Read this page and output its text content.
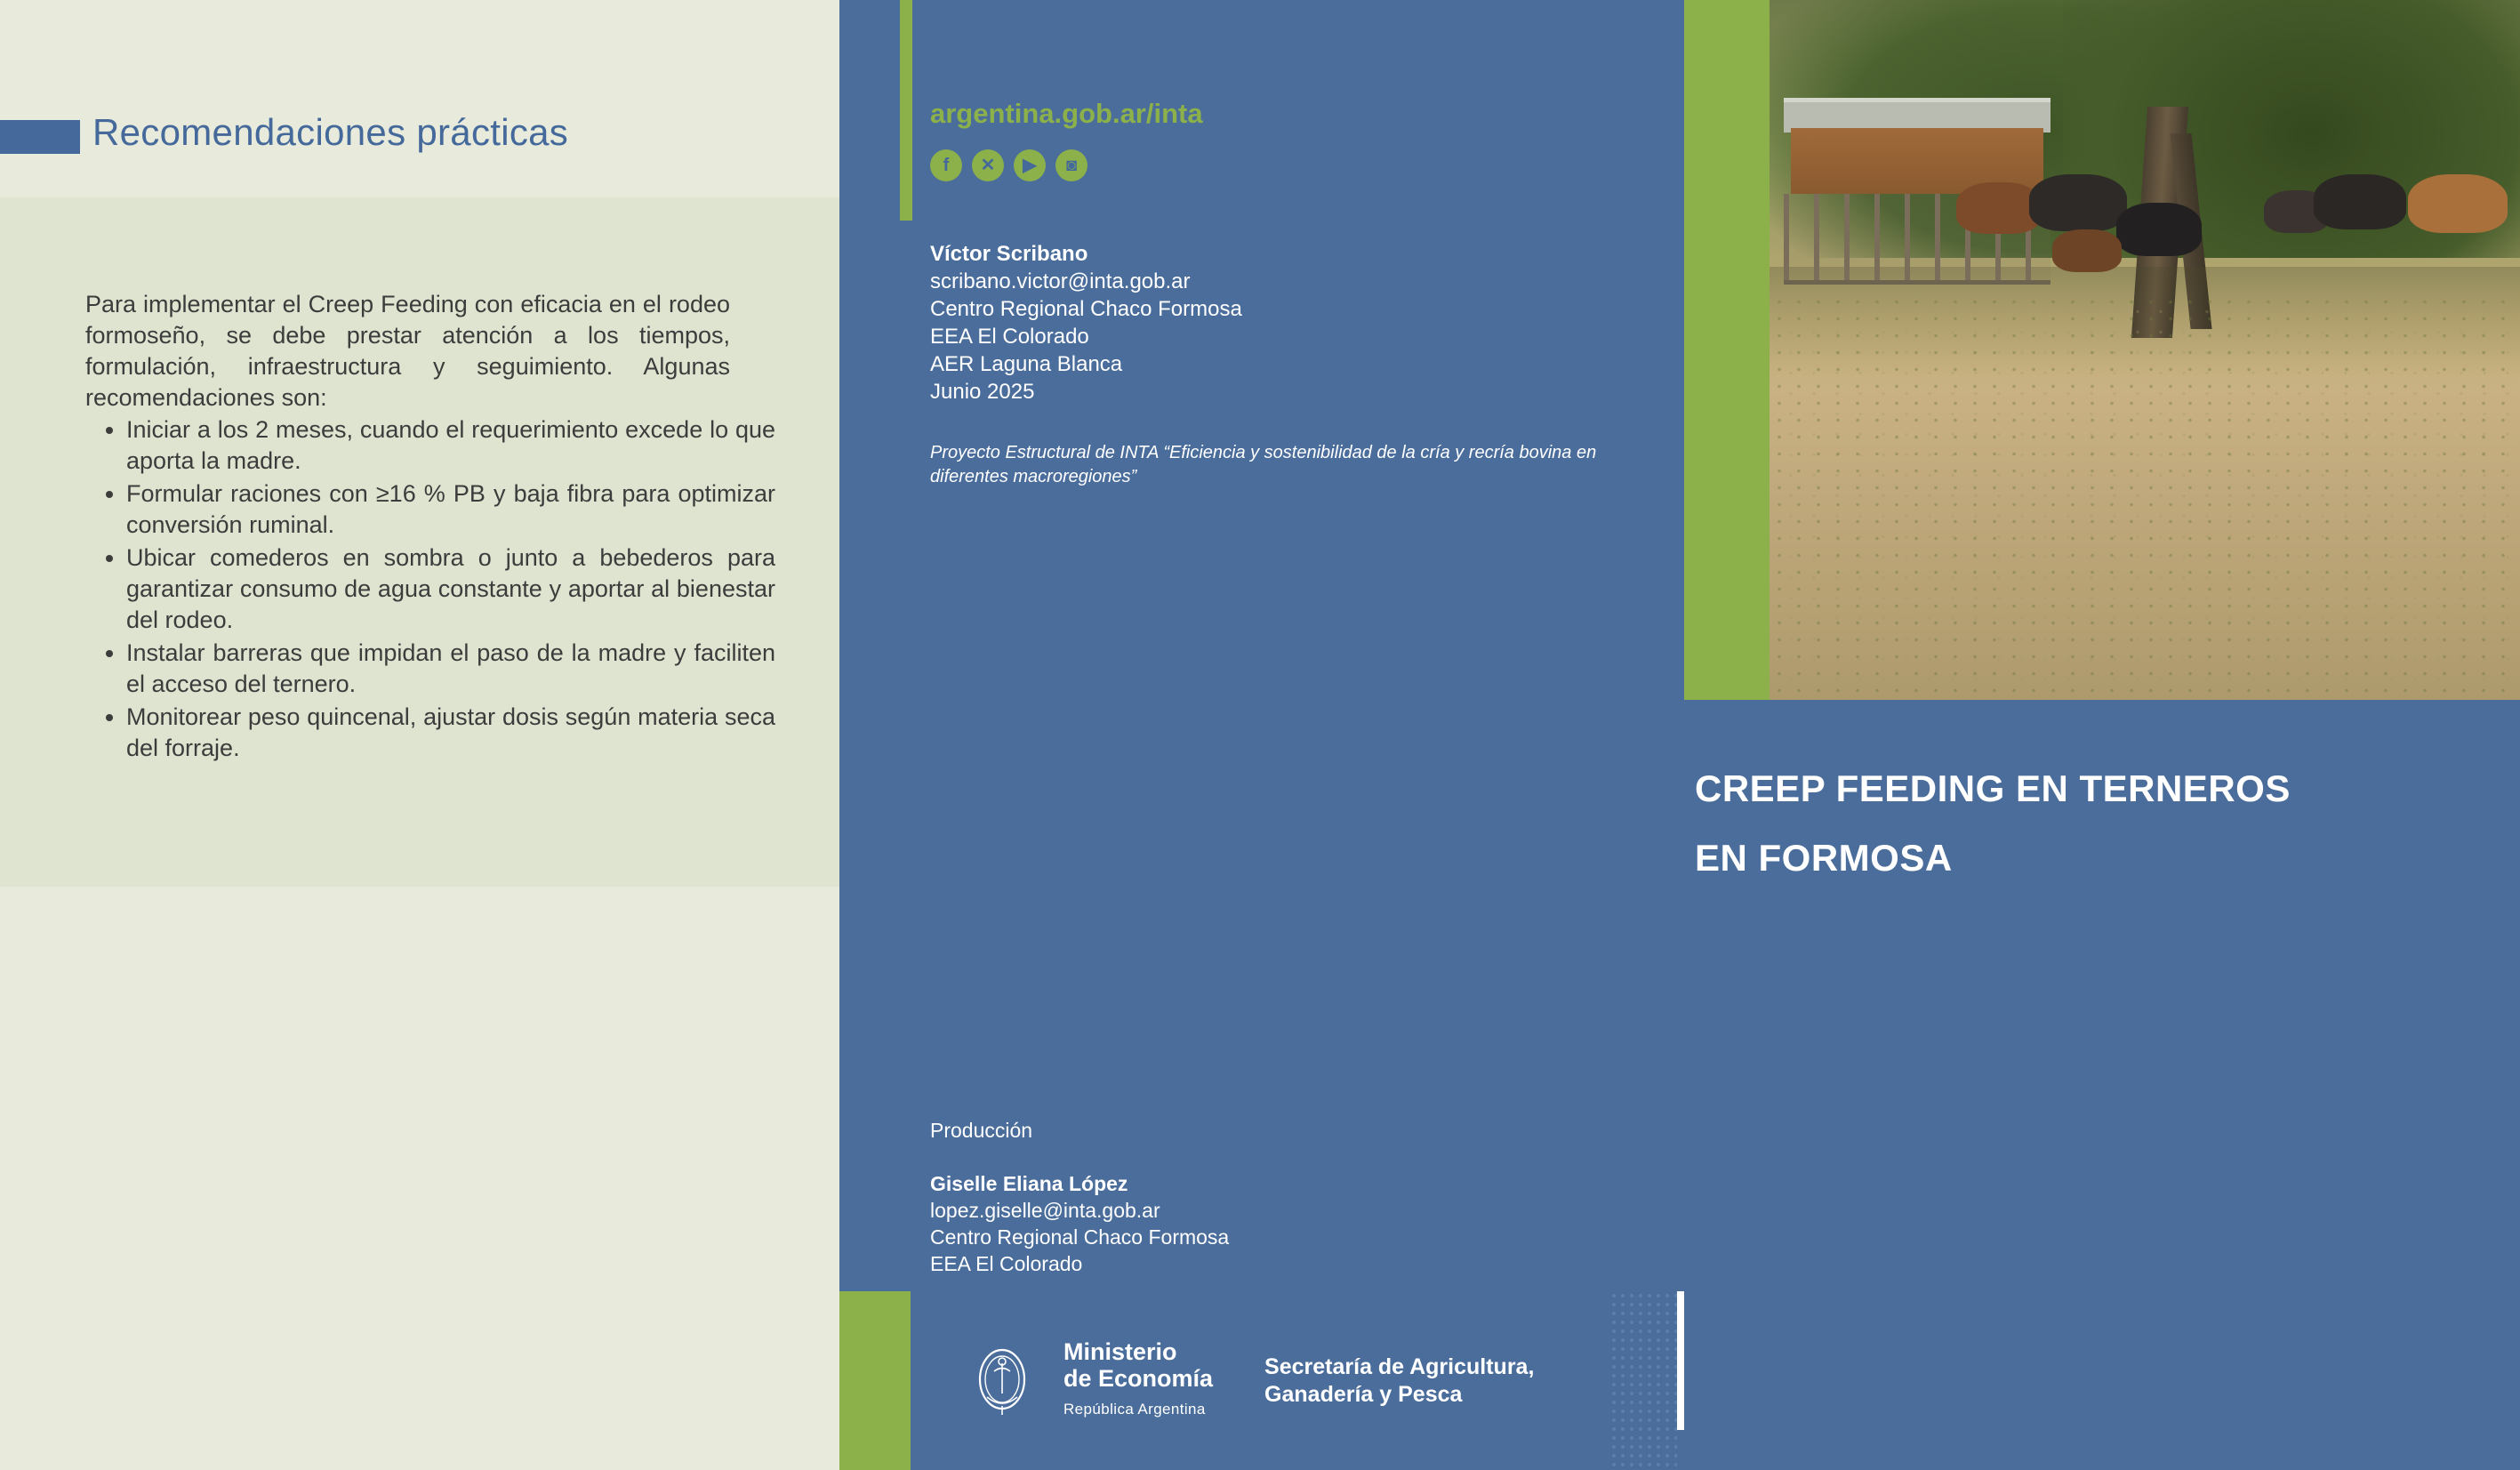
Recomendaciones prácticas
Para implementar el Creep Feeding con eficacia en el rodeo formoseño, se debe prestar atención a los tiempos, formulación, infraestructura y seguimiento. Algunas recomendaciones son:
• Iniciar a los 2 meses, cuando el requerimiento excede lo que aporta la madre.
• Formular raciones con ≥16 % PB y baja fibra para optimizar conversión ruminal.
• Ubicar comederos en sombra o junto a bebederos para garantizar consumo de agua constante y aportar al bienestar del rodeo.
• Instalar barreras que impidan el paso de la madre y faciliten el acceso del ternero.
• Monitorear peso quincenal, ajustar dosis según materia seca del forraje.
argentina.gob.ar/inta
f	✕	▶	◙
Víctor Scribano
scribano.victor@inta.gob.ar
Centro Regional Chaco Formosa
EEA El Colorado
AER Laguna Blanca
Junio 2025
Proyecto Estructural de INTA “Eficiencia y sostenibilidad de la cría y recría bovina en diferentes macroregiones”
Producción
Giselle Eliana López
lopez.giselle@inta.gob.ar
Centro Regional Chaco Formosa
EEA El Colorado
Ministerio
de Economía
República Argentina
Secretaría de Agricultura,
Ganadería y Pesca
CREEP FEEDING EN TERNEROS
EN FORMOSA
